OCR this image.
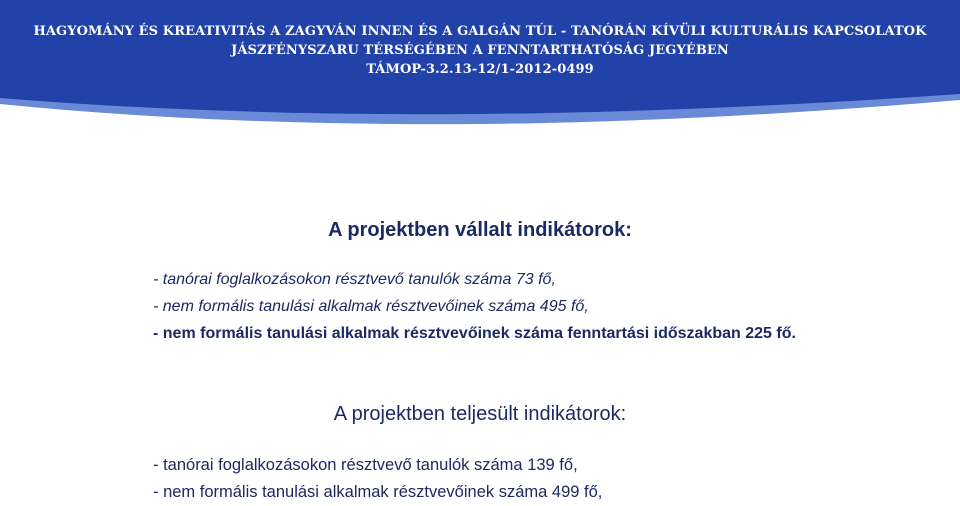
HAGYOMÁNY ÉS KREATIVITÁS A ZAGYVÁN INNEN ÉS A GALGÁN TÚL - TANÓRÁN KÍVÜLI KULTURÁLIS KAPCSOLATOK
JÁSZFÉNYSZARU TÉRSÉGÉBEN A FENNTARTHATÓSÁG JEGYÉBEN
TÁMOP-3.2.13-12/1-2012-0499
A projektben vállalt indikátorok:
- tanórai foglalkozásokon résztvevő tanulók száma 73 fő,
- nem formális tanulási alkalmak résztvevőinek száma 495 fő,
- nem formális tanulási alkalmak résztvevőinek száma fenntartási időszakban 225 fő.
A projektben teljesült indikátorok:
- tanórai foglalkozásokon résztvevő tanulók száma 139 fő,
- nem formális tanulási alkalmak résztvevőinek száma 499 fő,
